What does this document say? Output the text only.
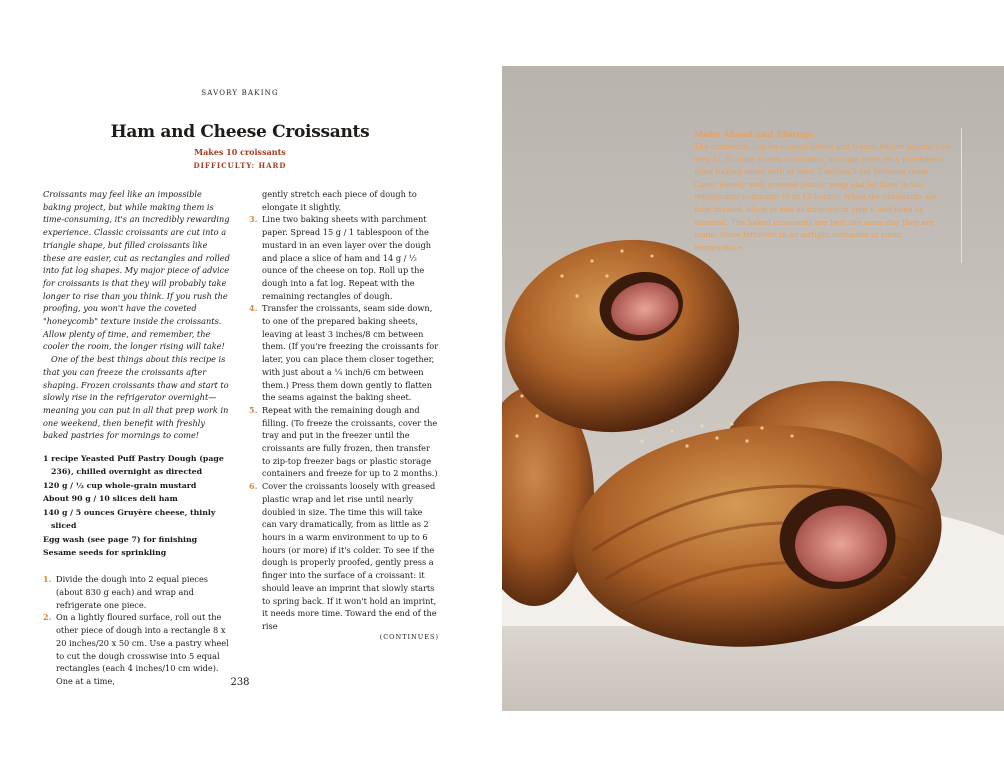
SAVORY BAKING
Ham and Cheese Croissants
Makes 10 croissants
DIFFICULTY: HARD

Croissants may feel like an impossible baking project, but while making them is time-consuming, it's an incredibly rewarding experience. Classic croissants are cut into a triangle shape, but filled croissants like these are easier, cut as rectangles and rolled into fat log shapes. My major piece of advice for croissants is that they will probably take longer to rise than you think. If you rush the proofing, you won't have the coveted "honeycomb" texture inside the croissants. Allow plenty of time, and remember, the cooler the room, the longer rising will take!

One of the best things about this recipe is that you can freeze the croissants after shaping. Frozen croissants thaw and start to slowly rise in the refrigerator overnight—meaning you can put in all that prep work in one weekend, then benefit with freshly baked pastries for mornings to come!

1 recipe Yeasted Puff Pastry Dough (page 236), chilled overnight as directed
120 g / ½ cup whole-grain mustard
About 90 g / 10 slices deli ham
140 g / 5 ounces Gruyère cheese, thinly sliced
Egg wash (see page 7) for finishing
Sesame seeds for sprinkling
1. Divide the dough into 2 equal pieces (about 830 g each) and wrap and refrigerate one piece.
2. On a lightly floured surface, roll out the other piece of dough into a rectangle 8 x 20 inches/20 x 50 cm. Use a pastry wheel to cut the dough crosswise into 5 equal rectangles (each 4 inches/10 cm wide). One at a time,
gently stretch each piece of dough to elongate it slightly.
3. Line two baking sheets with parchment paper. Spread 15 g / 1 tablespoon of the mustard in an even layer over the dough and place a slice of ham and 14 g / ½ ounce of the cheese on top. Roll up the dough into a fat log. Repeat with the remaining rectangles of dough.
4. Transfer the croissants, seam side down, to one of the prepared baking sheets, leaving at least 3 inches/8 cm between them. (If you're freezing the croissants for later, you can place them closer together, with just about a ¼ inch/6 cm between them.) Press them down gently to flatten the seams against the baking sheet.
5. Repeat with the remaining dough and filling. (To freeze the croissants, cover the tray and put in the freezer until the croissants are fully frozen, then transfer to zip-top freezer bags or plastic storage containers and freeze for up to 2 months.)
6. Cover the croissants loosely with greased plastic wrap and let rise until nearly doubled in size. The time this will take can vary dramatically, from as little as 2 hours in a warm environment to up to 6 hours (or more) if it's colder. To see if the dough is properly proofed, gently press a finger into the surface of a croissant: it should leave an imprint that slowly starts to spring back. If it won't hold an imprint, it needs more time. Toward the end of the rise
(CONTINUES)
238
Make Ahead and Storage
The croissants can be shaped ahead and frozen before baking (see step 5). To bake frozen croissants, arrange them on a parchment-lined baking sheet with at least 2 inches/5 cm between them. Cover loosely with greased plastic wrap and let thaw in the refrigerator overnight (8 to 12 hours). When the croissants are fully thawed, allow to rise as directed in step 6 and bake as directed. The baked croissants are best the same day they are made. Store leftovers in an airtight container at room temperature.
